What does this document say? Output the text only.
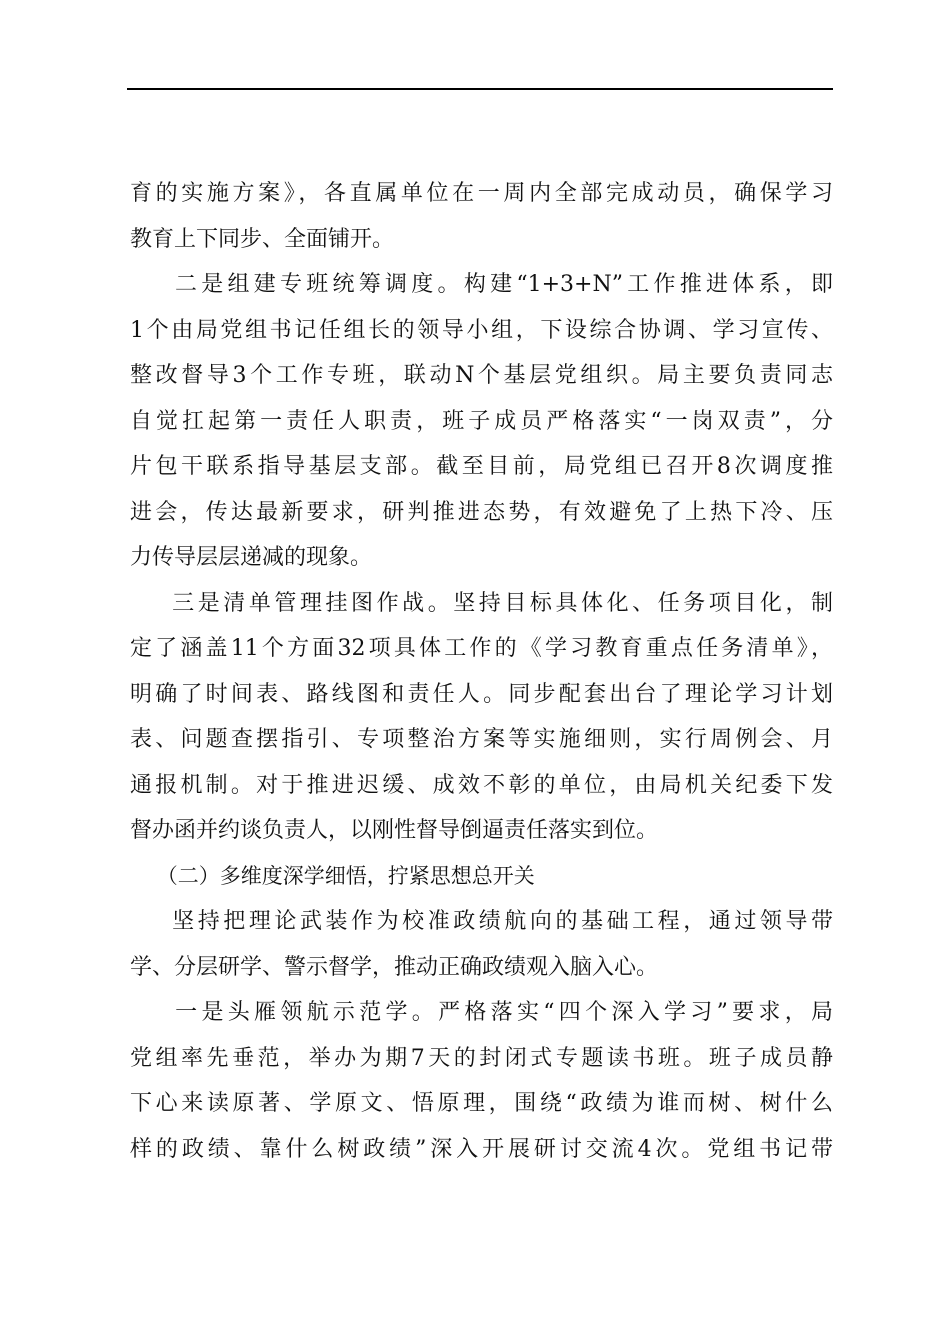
育的实施方案》，各直属单位在一周内全部完成动员，确保学习
教育上下同步、全面铺开。
二是组建专班统筹调度。构建“1+3+N”工作推进体系，即
1个由局党组书记任组长的领导小组，下设综合协调、学习宣传、
整改督导3个工作专班，联动N个基层党组织。局主要负责同志
自觉扛起第一责任人职责，班子成员严格落实“一岗双责”，分
片包干联系指导基层支部。截至目前，局党组已召开8次调度推
进会，传达最新要求，研判推进态势，有效避免了上热下冷、压
力传导层层递减的现象。
三是清单管理挂图作战。坚持目标具体化、任务项目化，制
定了涵盖11个方面32项具体工作的《学习教育重点任务清单》，
明确了时间表、路线图和责任人。同步配套出台了理论学习计划
表、问题查摆指引、专项整治方案等实施细则，实行周例会、月
通报机制。对于推进迟缓、成效不彰的单位，由局机关纪委下发
督办函并约谈负责人，以刚性督导倒逼责任落实到位。
（二）多维度深学细悟，拧紧思想总开关
坚持把理论武装作为校准政绩航向的基础工程，通过领导带
学、分层研学、警示督学，推动正确政绩观入脑入心。
一是头雁领航示范学。严格落实“四个深入学习”要求，局
党组率先垂范，举办为期7天的封闭式专题读书班。班子成员静
下心来读原著、学原文、悟原理，围绕“政绩为谁而树、树什么
样的政绩、靠什么树政绩”深入开展研讨交流4次。党组书记带
